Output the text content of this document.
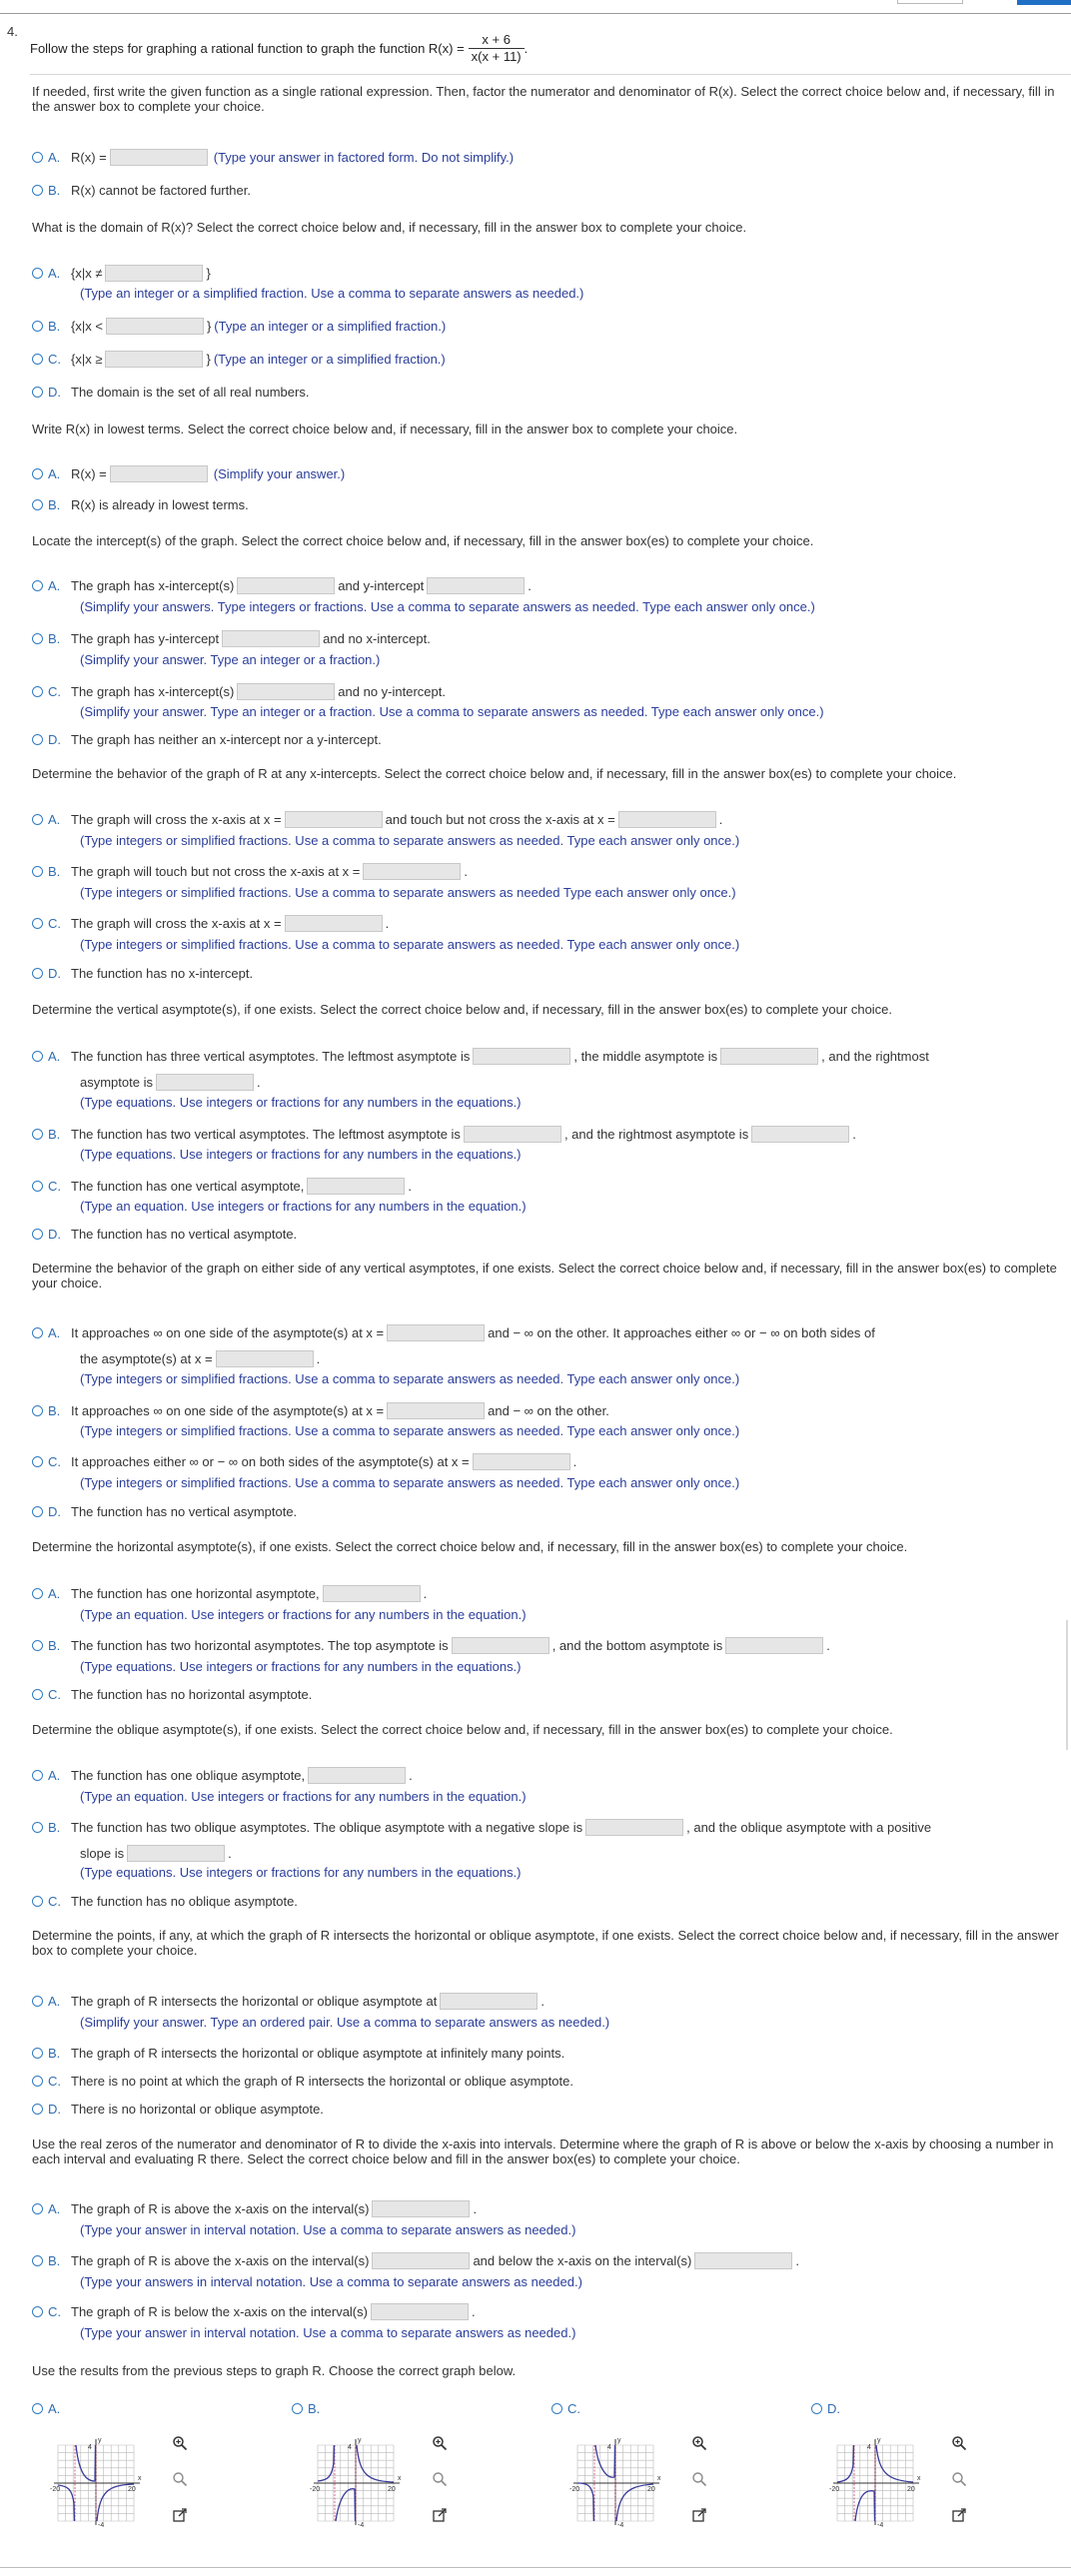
4.
Follow the steps for graphing a rational function to graph the function $R(x) = \frac{x + 6}{x(x + 11)}$ .
If needed, first write the given function as a single rational expression. Then, factor the numerator and denominator of R(x). Select the correct choice below and, if necessary, fill in the answer box to complete your choice.
A. R(x) =	(Type your answer in factored form. Do not simplify.)
B. R(x) cannot be factored further.
What is the domain of R(x)? Select the correct choice below and, if necessary, fill in the answer box to complete your choice.
A. {x|x ≠	}
(Type an integer or a simplified fraction. Use a comma to separate answers as needed.)
B. {x|x <	} (Type an integer or a simplified fraction.)
C. {x|x ≥	} (Type an integer or a simplified fraction.)
D. The domain is the set of all real numbers.
Write R(x) in lowest terms. Select the correct choice below and, if necessary, fill in the answer box to complete your choice.
A. R(x) =	(Simplify your answer.)
B. R(x) is already in lowest terms.
Locate the intercept(s) of the graph. Select the correct choice below and, if necessary, fill in the answer box(es) to complete your choice.
A. The graph has x-intercept(s)	and y-intercept	.
(Simplify your answers. Type integers or fractions. Use a comma to separate answers as needed. Type each answer only once.)
B. The graph has y-intercept	and no x-intercept.
(Simplify your answer. Type an integer or a fraction.)
C. The graph has x-intercept(s)	and no y-intercept.
(Simplify your answer. Type an integer or a fraction. Use a comma to separate answers as needed. Type each answer only once.)
D. The graph has neither an x-intercept nor a y-intercept.
Determine the behavior of the graph of R at any x-intercepts. Select the correct choice below and, if necessary, fill in the answer box(es) to complete your choice.
A. The graph will cross the x-axis at x =	and touch but not cross the x-axis at x =	.
(Type integers or simplified fractions. Use a comma to separate answers as needed. Type each answer only once.)
B. The graph will touch but not cross the x-axis at x =	.
(Type integers or simplified fractions. Use a comma to separate answers as needed Type each answer only once.)
C. The graph will cross the x-axis at x =	.
(Type integers or simplified fractions. Use a comma to separate answers as needed. Type each answer only once.)
D. The function has no x-intercept.
Determine the vertical asymptote(s), if one exists. Select the correct choice below and, if necessary, fill in the answer box(es) to complete your choice.
A. The function has three vertical asymptotes. The leftmost asymptote is	, the middle asymptote is	, and the rightmost
asymptote is	.
(Type equations. Use integers or fractions for any numbers in the equations.)
B. The function has two vertical asymptotes. The leftmost asymptote is	, and the rightmost asymptote is	.
(Type equations. Use integers or fractions for any numbers in the equations.)
C. The function has one vertical asymptote,	.
(Type an equation. Use integers or fractions for any numbers in the equation.)
D. The function has no vertical asymptote.
Determine the behavior of the graph on either side of any vertical asymptotes, if one exists. Select the correct choice below and, if necessary, fill in the answer box(es) to complete your choice.
A. It approaches ∞ on one side of the asymptote(s) at x =	and − ∞ on the other. It approaches either ∞ or − ∞ on both sides of
the asymptote(s) at x =	.
(Type integers or simplified fractions. Use a comma to separate answers as needed. Type each answer only once.)
B. It approaches ∞ on one side of the asymptote(s) at x =	and − ∞ on the other.
(Type integers or simplified fractions. Use a comma to separate answers as needed. Type each answer only once.)
C. It approaches either ∞ or − ∞ on both sides of the asymptote(s) at x =	.
(Type integers or simplified fractions. Use a comma to separate answers as needed. Type each answer only once.)
D. The function has no vertical asymptote.
Determine the horizontal asymptote(s), if one exists. Select the correct choice below and, if necessary, fill in the answer box(es) to complete your choice.
A. The function has one horizontal asymptote,	.
(Type an equation. Use integers or fractions for any numbers in the equation.)
B. The function has two horizontal asymptotes. The top asymptote is	, and the bottom asymptote is	.
(Type equations. Use integers or fractions for any numbers in the equations.)
C. The function has no horizontal asymptote.
Determine the oblique asymptote(s), if one exists. Select the correct choice below and, if necessary, fill in the answer box(es) to complete your choice.
A. The function has one oblique asymptote,	.
(Type an equation. Use integers or fractions for any numbers in the equation.)
B. The function has two oblique asymptotes. The oblique asymptote with a negative slope is	, and the oblique asymptote with a positive
slope is	.
(Type equations. Use integers or fractions for any numbers in the equations.)
C. The function has no oblique asymptote.
Determine the points, if any, at which the graph of R intersects the horizontal or oblique asymptote, if one exists. Select the correct choice below and, if necessary, fill in the answer box to complete your choice.
A. The graph of R intersects the horizontal or oblique asymptote at	.
(Simplify your answer. Type an ordered pair. Use a comma to separate answers as needed.)
B. The graph of R intersects the horizontal or oblique asymptote at infinitely many points.
C. There is no point at which the graph of R intersects the horizontal or oblique asymptote.
D. There is no horizontal or oblique asymptote.
Use the real zeros of the numerator and denominator of R to divide the x-axis into intervals. Determine where the graph of R is above or below the x-axis by choosing a number in each interval and evaluating R there. Select the correct choice below and fill in the answer box(es) to complete your choice.
A. The graph of R is above the x-axis on the interval(s)	.
(Type your answer in interval notation. Use a comma to separate answers as needed.)
B. The graph of R is above the x-axis on the interval(s)	and below the x-axis on the interval(s)	.
(Type your answers in interval notation. Use a comma to separate answers as needed.)
C. The graph of R is below the x-axis on the interval(s)	.
(Type your answer in interval notation. Use a comma to separate answers as needed.)
Use the results from the previous steps to graph R. Choose the correct graph below.
A.	B.	C.	D.
y
x
4
-20	20
-4
y
x
4
-20	20
-4
y
x
4
-20	20
-4
y
x
4
-20	20
-4
